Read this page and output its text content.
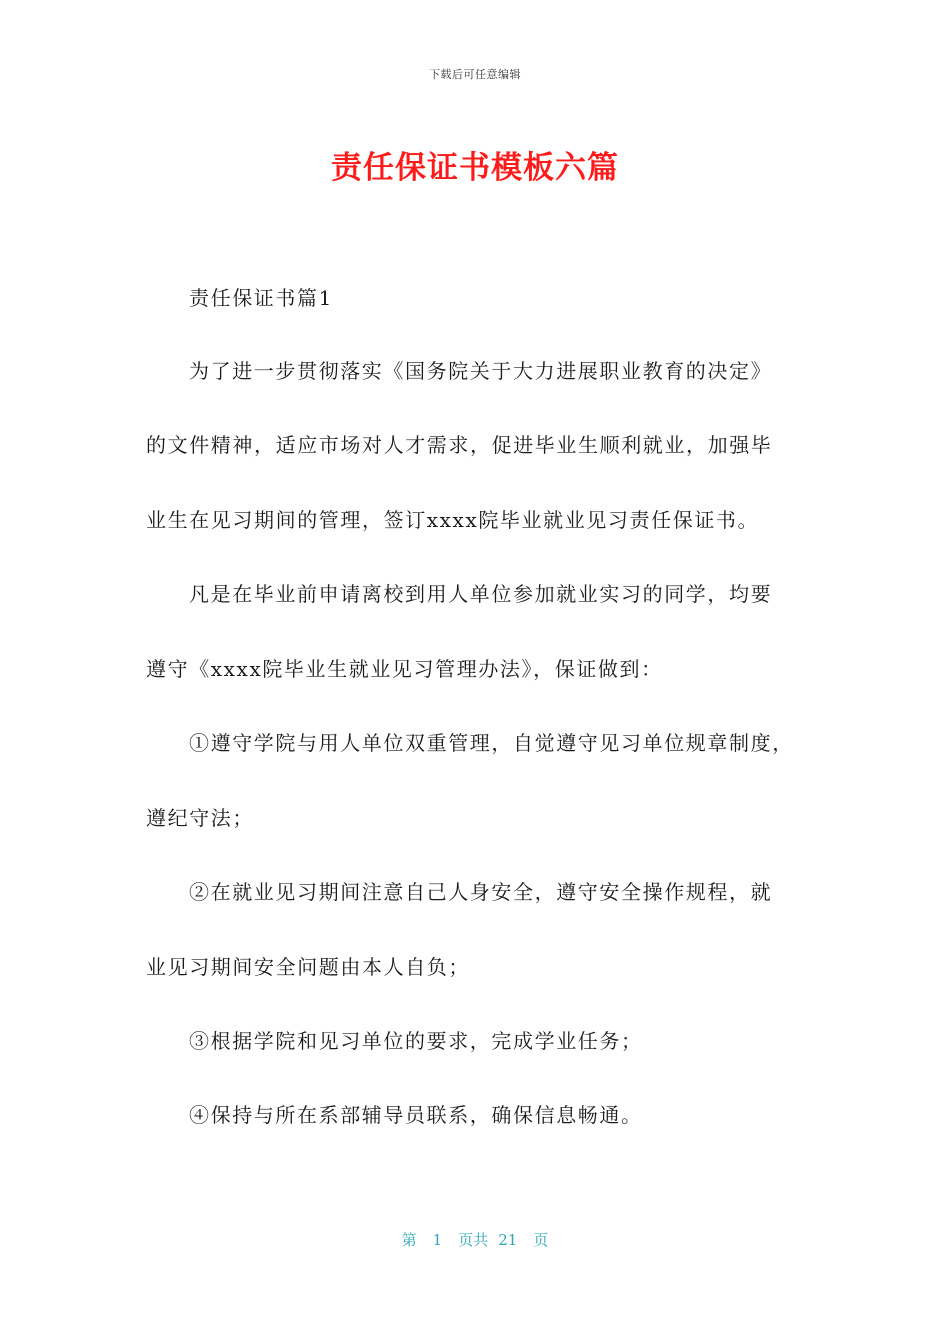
下载后可任意编辑
责任保证书模板六篇
责任保证书篇1
为了进一步贯彻落实《国务院关于大力进展职业教育的决定》
的文件精神，适应市场对人才需求，促进毕业生顺利就业，加强毕
业生在见习期间的管理，签订xxxx院毕业就业见习责任保证书。
凡是在毕业前申请离校到用人单位参加就业实习的同学，均要
遵守《xxxx院毕业生就业见习管理办法》，保证做到：
①遵守学院与用人单位双重管理，自觉遵守见习单位规章制度，
遵纪守法；
②在就业见习期间注意自己人身安全，遵守安全操作规程，就
业见习期间安全问题由本人自负；
③根据学院和见习单位的要求，完成学业任务；
④保持与所在系部辅导员联系，确保信息畅通。
第 1 页共 21 页
